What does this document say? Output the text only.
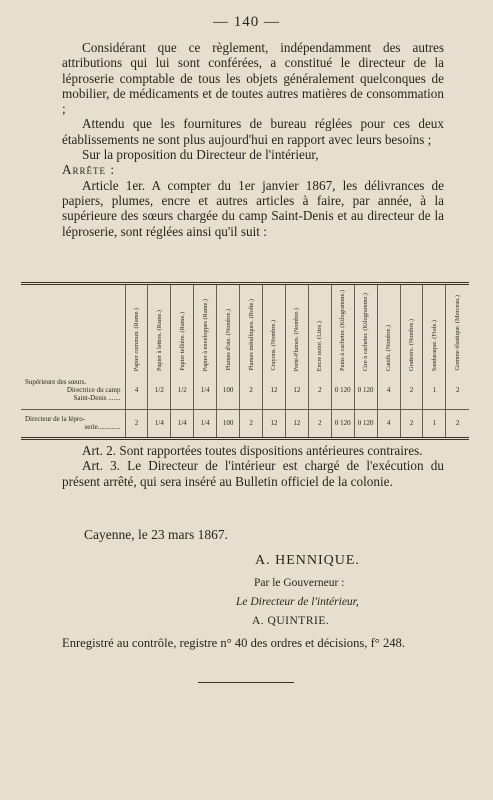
— 140 —

Considérant que ce règlement, indépendamment des autres attributions qui lui sont conférées, a constitué le directeur de la léproserie comptable de tous les objets généralement quelconques de mobilier, de médicaments et de toutes autres matières de consommation ;

Attendu que les fournitures de bureau réglées pour ces deux établissements ne sont plus aujourd'hui en rapport avec leurs besoins ;

Sur la proposition du Directeur de l'intérieur,

Arrête :

Article 1er. A compter du 1er janvier 1867, les délivrances de papiers, plumes, encre et autres articles à faire, par année, à la supérieure des sœurs chargée du camp Saint-Denis et au directeur de la léproserie, sont réglées ainsi qu'il suit :

	Papier commun. (Rame.)	Papier à lettres. (Rame.)	Papier tellière. (Rame.)	Papier à enveloppes (Rame.)	Plumes d'oie. (Nombre.)	Plumes métalliques. (Boîte.)	Crayons. (Nombre.)	Porte-Plumes. (Nombre.)	Encre noire. (Litre.)	Pains à cacheter. (Kilogramme.)	Cire à cacheter. (Kilogramme.)	Canifs. (Nombre.)	Grattoirs. (Nombre.)	Sandaraque. (Fiole.)	Gomme élastique. (Morceau.)

Supérieure des sœurs.
Directrice du camp
Saint-Denis .......	4	1/2	1/2	1/4	100	2	12	12	2	0 120	0 120	4	2	1	2

Directeur de la lépro-
serie.............	2	1/4	1/4	1/4	100	2	12	12	2	0 120	0 120	4	2	1	2

Art. 2. Sont rapportées toutes dispositions antérieures contraires.

Art. 3. Le Directeur de l'intérieur est chargé de l'exécution du présent arrêté, qui sera inséré au Bulletin officiel de la colonie.

Cayenne, le 23 mars 1867.
A. HENNIQUE.
Par le Gouverneur :
Le Directeur de l'intérieur,
A. QUINTRIE.
Enregistré au contrôle, registre n° 40 des ordres et décisions, f° 248.
